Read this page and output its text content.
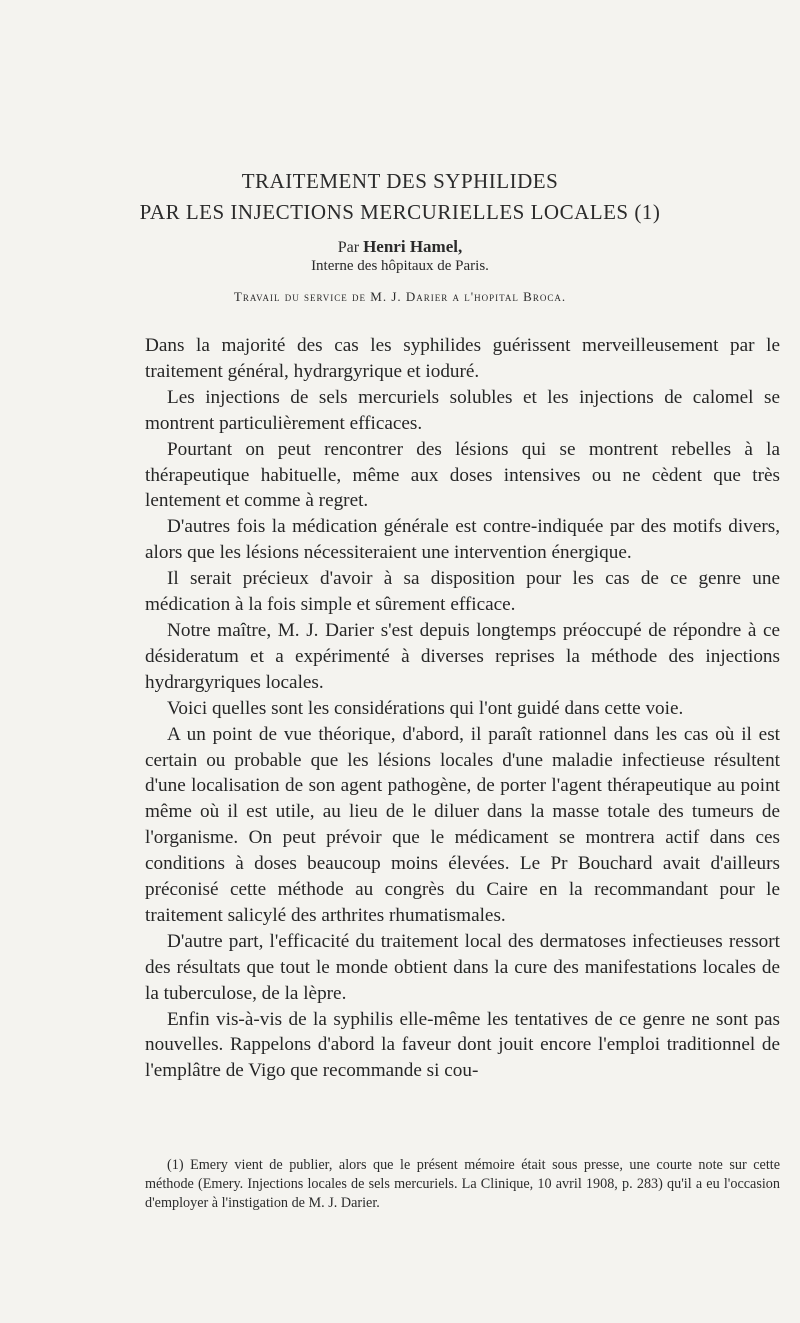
TRAITEMENT DES SYPHILIDES
PAR LES INJECTIONS MERCURIELLES LOCALES (1)
Par Henri Hamel,
Interne des hôpitaux de Paris.
Travail du service de M. J. Darier a l'hopital Broca.

Dans la majorité des cas les syphilides guérissent merveilleusement par le traitement général, hydrargyrique et ioduré.

Les injections de sels mercuriels solubles et les injections de calomel se montrent particulièrement efficaces.

Pourtant on peut rencontrer des lésions qui se montrent rebelles à la thérapeutique habituelle, même aux doses intensives ou ne cèdent que très lentement et comme à regret.

D'autres fois la médication générale est contre-indiquée par des motifs divers, alors que les lésions nécessiteraient une intervention énergique.

Il serait précieux d'avoir à sa disposition pour les cas de ce genre une médication à la fois simple et sûrement efficace.

Notre maître, M. J. Darier s'est depuis longtemps préoccupé de répondre à ce désideratum et a expérimenté à diverses reprises la méthode des injections hydrargyriques locales.

Voici quelles sont les considérations qui l'ont guidé dans cette voie.

A un point de vue théorique, d'abord, il paraît rationnel dans les cas où il est certain ou probable que les lésions locales d'une maladie infectieuse résultent d'une localisation de son agent pathogène, de porter l'agent thérapeutique au point même où il est utile, au lieu de le diluer dans la masse totale des tumeurs de l'organisme. On peut prévoir que le médicament se montrera actif dans ces conditions à doses beaucoup moins élevées. Le Pr Bouchard avait d'ailleurs préconisé cette méthode au congrès du Caire en la recommandant pour le traitement salicylé des arthrites rhumatismales.

D'autre part, l'efficacité du traitement local des dermatoses infectieuses ressort des résultats que tout le monde obtient dans la cure des manifestations locales de la tuberculose, de la lèpre.

Enfin vis-à-vis de la syphilis elle-même les tentatives de ce genre ne sont pas nouvelles. Rappelons d'abord la faveur dont jouit encore l'emploi traditionnel de l'emplâtre de Vigo que recommande si cou-

(1) Emery vient de publier, alors que le présent mémoire était sous presse, une courte note sur cette méthode (Emery. Injections locales de sels mercuriels. La Clinique, 10 avril 1908, p. 283) qu'il a eu l'occasion d'employer à l'instigation de M. J. Darier.
